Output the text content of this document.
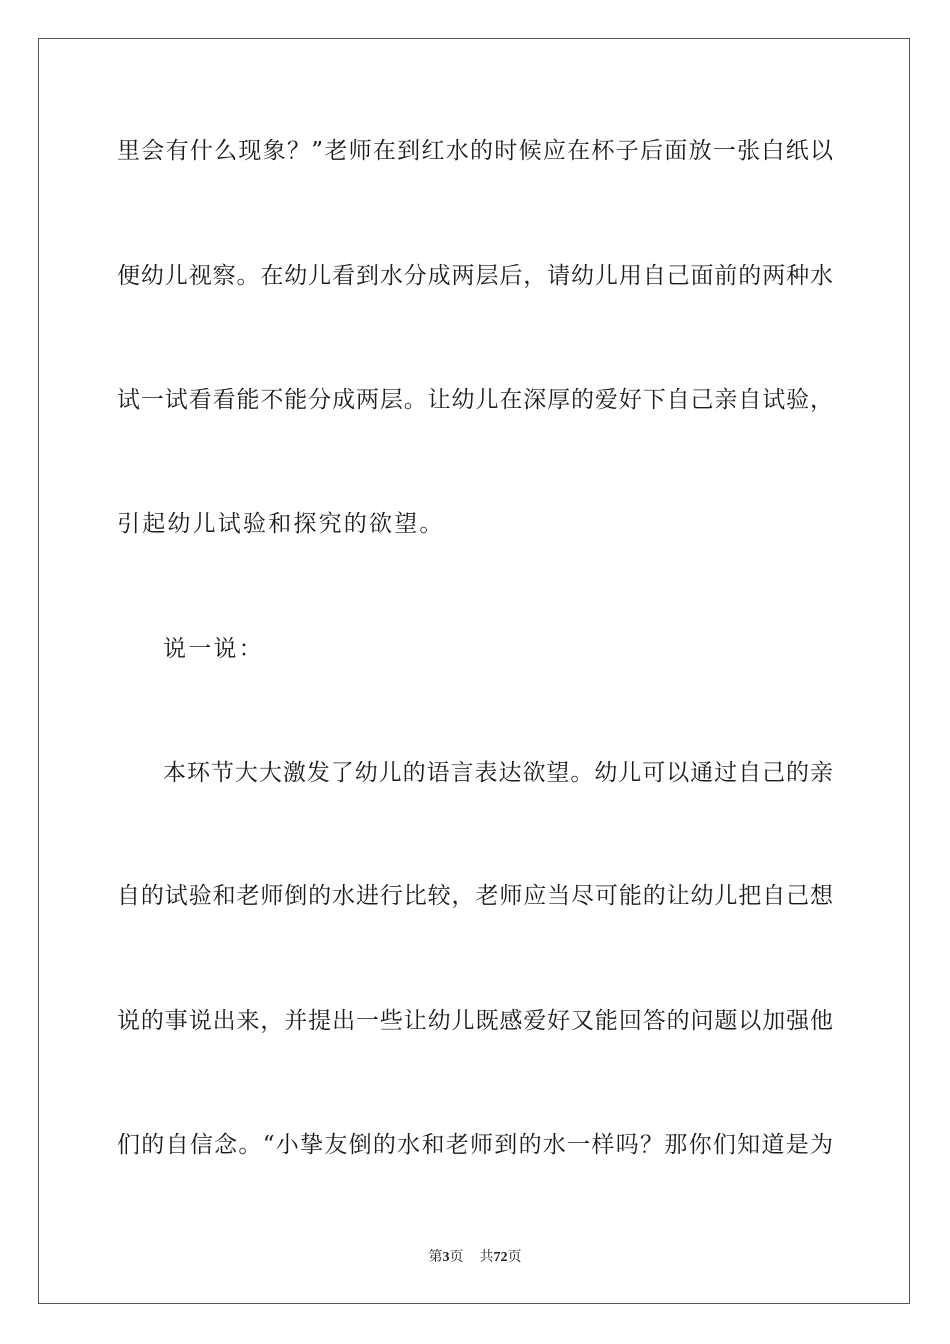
里会有什么现象？”老师在到红水的时候应在杯子后面放一张白纸以
便幼儿视察。在幼儿看到水分成两层后，请幼儿用自己面前的两种水
试一试看看能不能分成两层。让幼儿在深厚的爱好下自己亲自试验，
引起幼儿试验和探究的欲望。
说一说：
本环节大大激发了幼儿的语言表达欲望。幼儿可以通过自己的亲
自的试验和老师倒的水进行比较，老师应当尽可能的让幼儿把自己想
说的事说出来，并提出一些让幼儿既感爱好又能回答的问题以加强他
们的自信念。“小挚友倒的水和老师到的水一样吗？那你们知道是为
第3页 共72页
